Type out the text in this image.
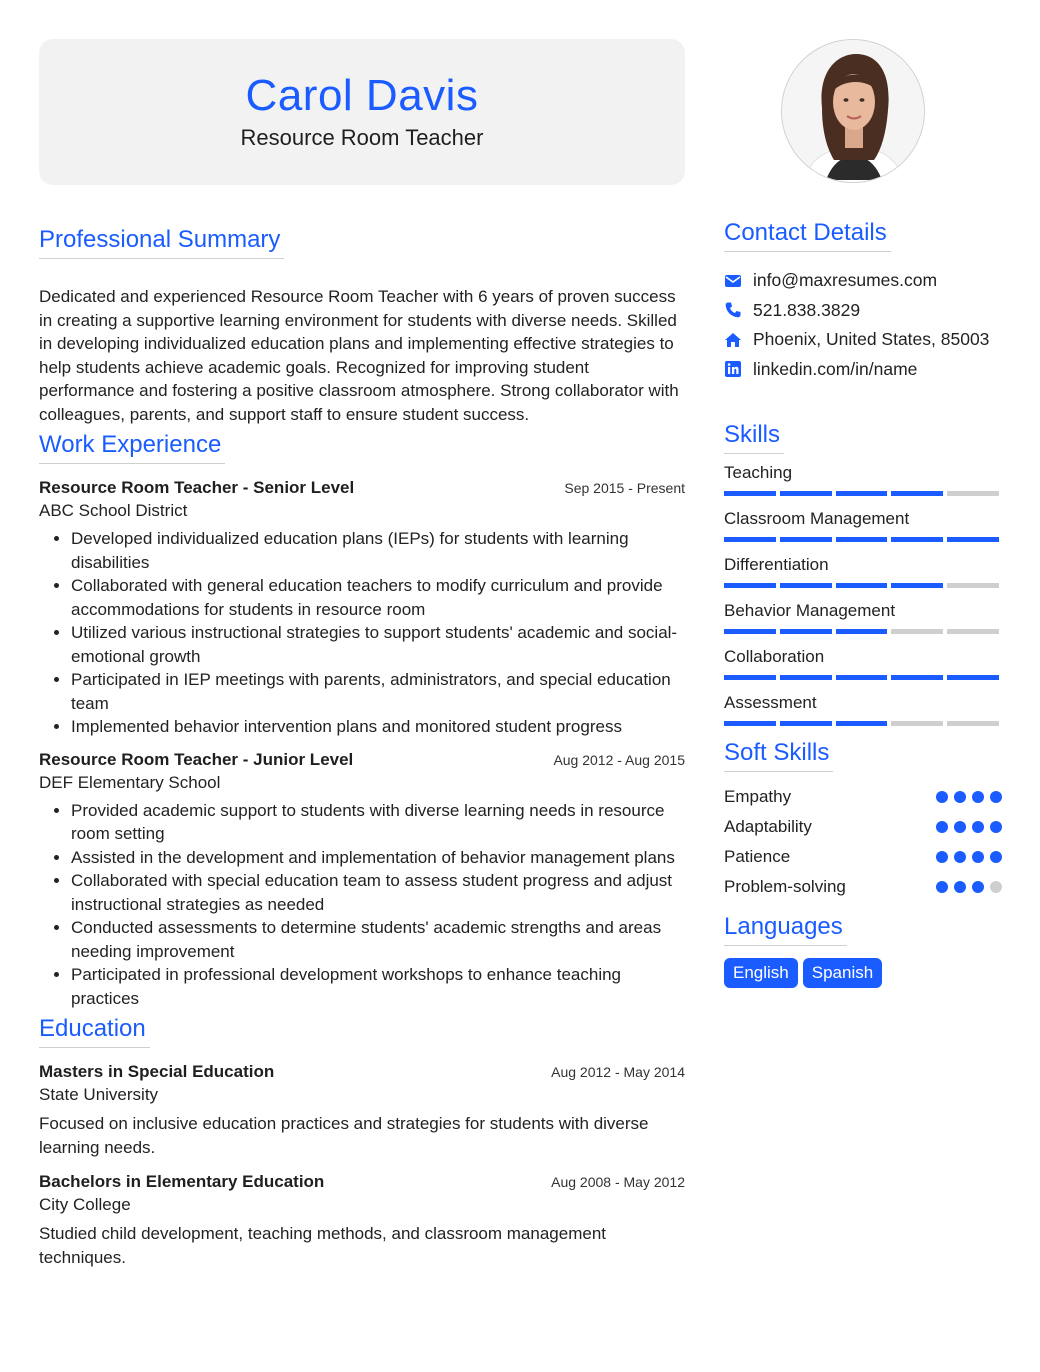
Carol Davis
Resource Room Teacher
Professional Summary

Dedicated and experienced Resource Room Teacher with 6 years of proven success in creating a supportive learning environment for students with diverse needs. Skilled in developing individualized education plans and implementing effective strategies to help students achieve academic goals. Recognized for improving student performance and fostering a positive classroom atmosphere. Strong collaborator with colleagues, parents, and support staff to ensure student success.

Work Experience
Resource Room Teacher - Senior Level	Sep 2015 - Present
ABC School District
• Developed individualized education plans (IEPs) for students with learning disabilities
• Collaborated with general education teachers to modify curriculum and provide accommodations for students in resource room
• Utilized various instructional strategies to support students' academic and social-emotional growth
• Participated in IEP meetings with parents, administrators, and special education team
• Implemented behavior intervention plans and monitored student progress
Resource Room Teacher - Junior Level	Aug 2012 - Aug 2015
DEF Elementary School
• Provided academic support to students with diverse learning needs in resource room setting
• Assisted in the development and implementation of behavior management plans
• Collaborated with special education team to assess student progress and adjust instructional strategies as needed
• Conducted assessments to determine students' academic strengths and areas needing improvement
• Participated in professional development workshops to enhance teaching practices
Education
Masters in Special Education	Aug 2012 - May 2014
State University

Focused on inclusive education practices and strategies for students with diverse learning needs.

Bachelors in Elementary Education	Aug 2008 - May 2012
City College

Studied child development, teaching methods, and classroom management techniques.

Contact Details
info@maxresumes.com
521.838.3829
Phoenix, United States, 85003
linkedin.com/in/name
Skills
Teaching
Classroom Management
Differentiation
Behavior Management
Collaboration
Assessment
Soft Skills
Empathy
Adaptability
Patience
Problem-solving
Languages
English	Spanish
